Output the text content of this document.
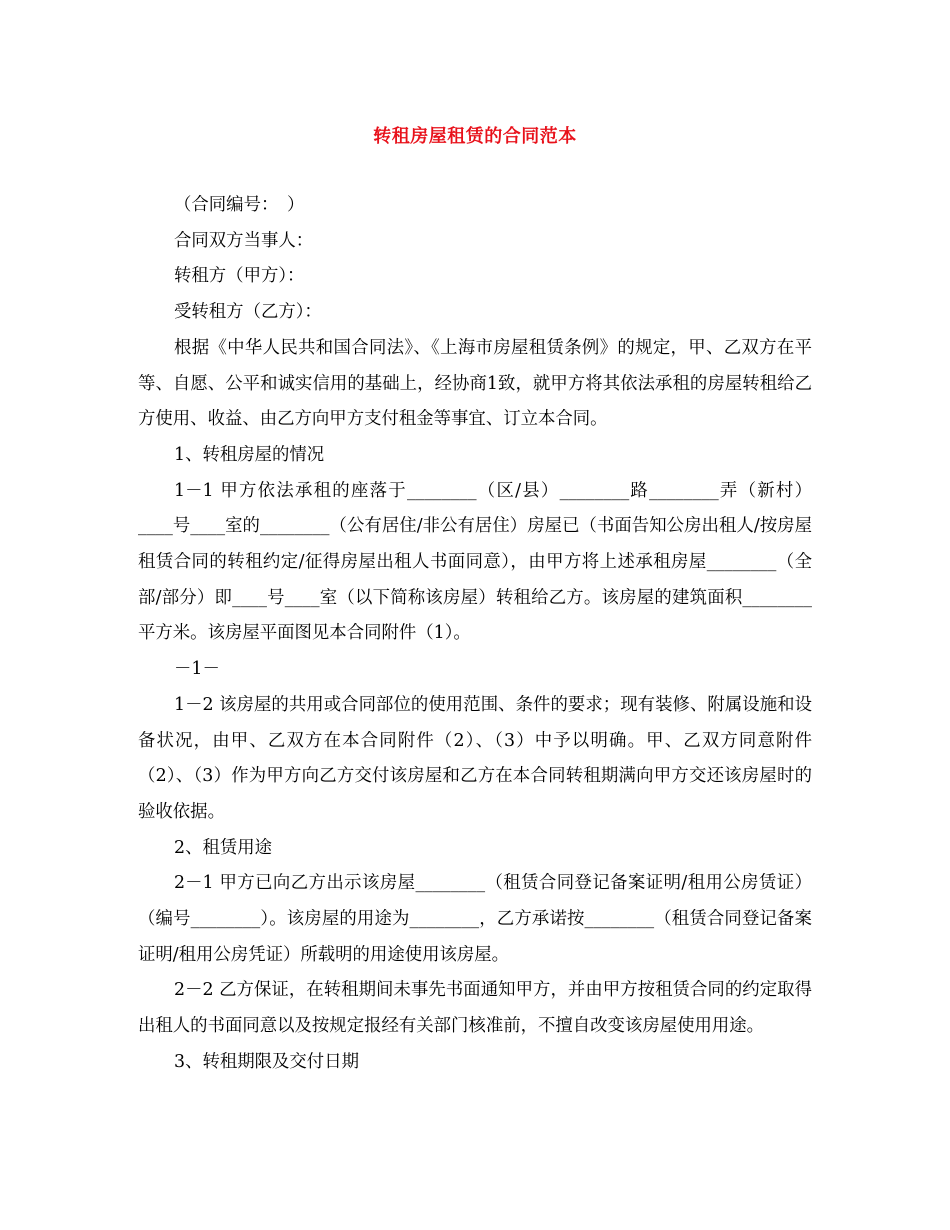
转租房屋租赁的合同范本

（合同编号：　）

合同双方当事人：

转租方（甲方）：

受转租方（乙方）：

根据《中华人民共和国合同法》、《上海市房屋租赁条例》的规定，甲、乙双方在平等、自愿、公平和诚实信用的基础上，经协商1致，就甲方将其依法承租的房屋转租给乙方使用、收益、由乙方向甲方支付租金等事宜、订立本合同。

1、转租房屋的情况

1－1 甲方依法承租的座落于________（区/县）________路________弄（新村）____号____室的________（公有居住/非公有居住）房屋已（书面告知公房出租人/按房屋租赁合同的转租约定/征得房屋出租人书面同意），由甲方将上述承租房屋________（全部/部分）即____号____室（以下简称该房屋）转租给乙方。该房屋的建筑面积________平方米。该房屋平面图见本合同附件（1）。

－1－

1－2 该房屋的共用或合同部位的使用范围、条件的要求；现有装修、附属设施和设备状况，由甲、乙双方在本合同附件（2）、（3）中予以明确。甲、乙双方同意附件（2）、（3）作为甲方向乙方交付该房屋和乙方在本合同转租期满向甲方交还该房屋时的验收依据。

2、租赁用途

2－1 甲方已向乙方出示该房屋________（租赁合同登记备案证明/租用公房赁证）（编号________）。该房屋的用途为________，乙方承诺按________（租赁合同登记备案证明/租用公房凭证）所载明的用途使用该房屋。

2－2 乙方保证，在转租期间未事先书面通知甲方，并由甲方按租赁合同的约定取得出租人的书面同意以及按规定报经有关部门核准前，不擅自改变该房屋使用用途。

3、转租期限及交付日期
